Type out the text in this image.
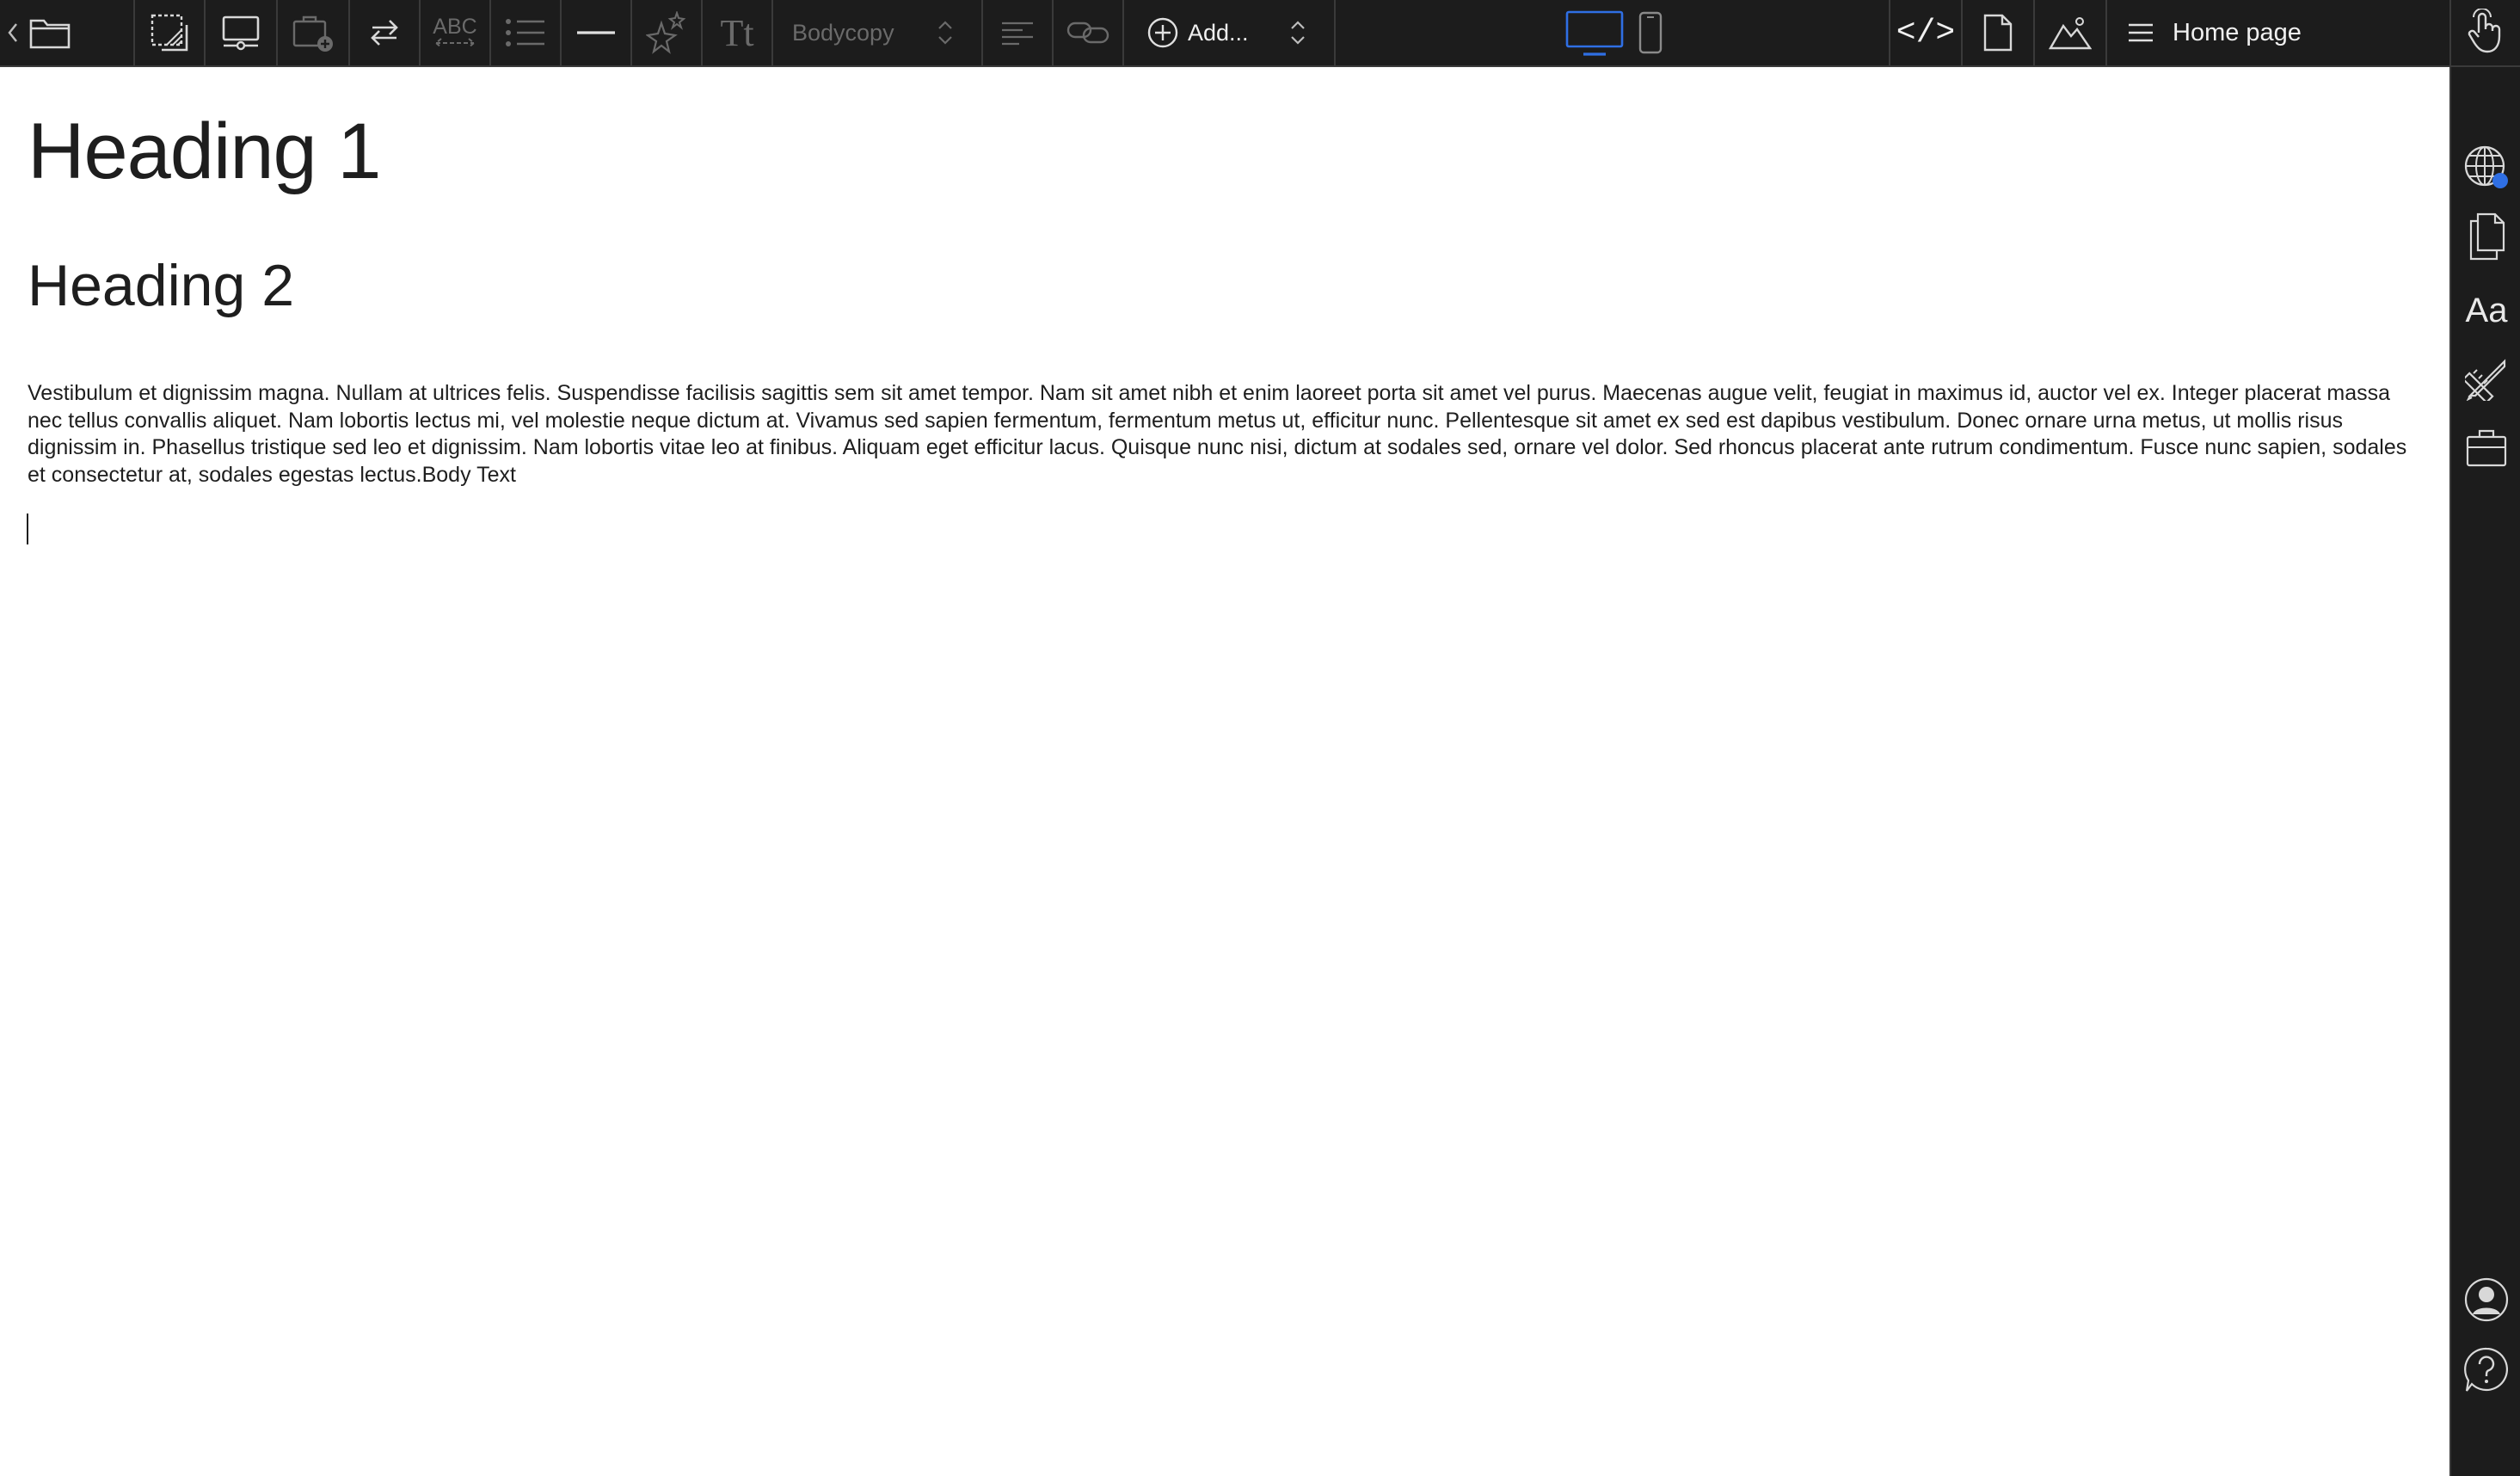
ABC	Tt Bodycopy	Add...	</>	Home page
Aa
Heading 1
Heading 2

Vestibulum et dignissim magna. Nullam at ultrices felis. Suspendisse facilisis sagittis sem sit amet tempor. Nam sit amet nibh et enim laoreet porta sit amet vel purus. Maecenas augue velit, feugiat in maximus id, auctor vel ex. Integer placerat massa nec tellus convallis aliquet. Nam lobortis lectus mi, vel molestie neque dictum at. Vivamus sed sapien fermentum, fermentum metus ut, efficitur nunc. Pellentesque sit amet ex sed est dapibus vestibulum. Donec ornare urna metus, ut mollis risus dignissim in. Phasellus tristique sed leo et dignissim. Nam lobortis vitae leo at finibus. Aliquam eget efficitur lacus. Quisque nunc nisi, dictum at sodales sed, ornare vel dolor. Sed rhoncus placerat ante rutrum condimentum. Fusce nunc sapien, sodales et consectetur at, sodales egestas lectus.Body Text
